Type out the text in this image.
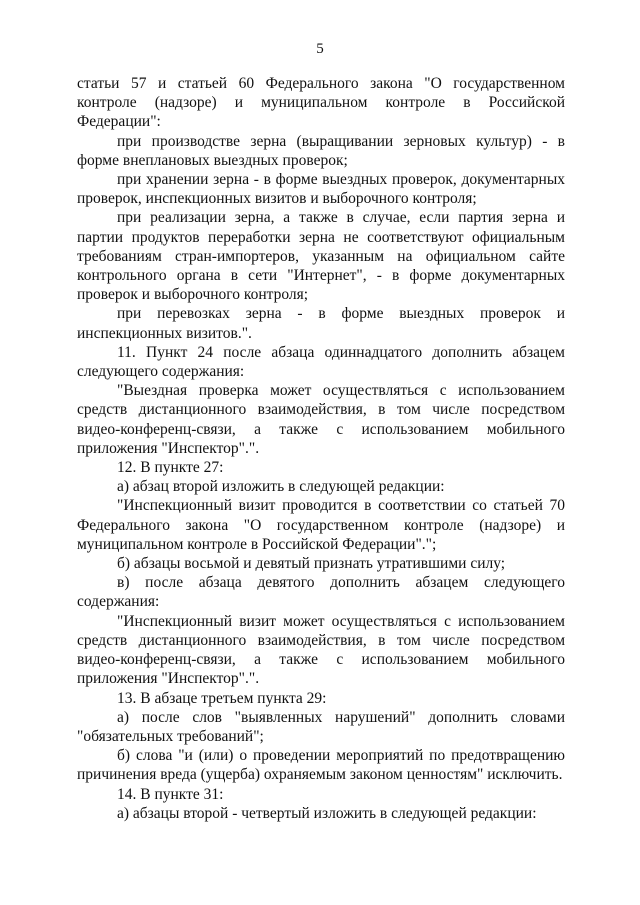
5

статьи 57 и статьей 60 Федерального закона "О государственном контроле (надзоре) и муниципальном контроле в Российской Федерации":

при производстве зерна (выращивании зерновых культур) - в форме внеплановых выездных проверок;

при хранении зерна - в форме выездных проверок, документарных проверок, инспекционных визитов и выборочного контроля;

при реализации зерна, а также в случае, если партия зерна и партии продуктов переработки зерна не соответствуют официальным требованиям стран-импортеров, указанным на официальном сайте контрольного органа в сети "Интернет", - в форме документарных проверок и выборочного контроля;

при перевозках зерна - в форме выездных проверок и инспекционных визитов.".

11. Пункт 24 после абзаца одиннадцатого дополнить абзацем следующего содержания:

"Выездная проверка может осуществляться с использованием средств дистанционного взаимодействия, в том числе посредством видео-конференц-связи, а также с использованием мобильного приложения "Инспектор".".

12. В пункте 27:

а) абзац второй изложить в следующей редакции:

"Инспекционный визит проводится в соответствии со статьей 70 Федерального закона "О государственном контроле (надзоре) и муниципальном контроле в Российской Федерации".";

б) абзацы восьмой и девятый признать утратившими силу;

в) после абзаца девятого дополнить абзацем следующего содержания:

"Инспекционный визит может осуществляться с использованием средств дистанционного взаимодействия, в том числе посредством видео-конференц-связи, а также с использованием мобильного приложения "Инспектор".".

13. В абзаце третьем пункта 29:

а) после слов "выявленных нарушений" дополнить словами "обязательных требований";

б) слова "и (или) о проведении мероприятий по предотвращению причинения вреда (ущерба) охраняемым законом ценностям" исключить.

14. В пункте 31:

а) абзацы второй - четвертый изложить в следующей редакции:
